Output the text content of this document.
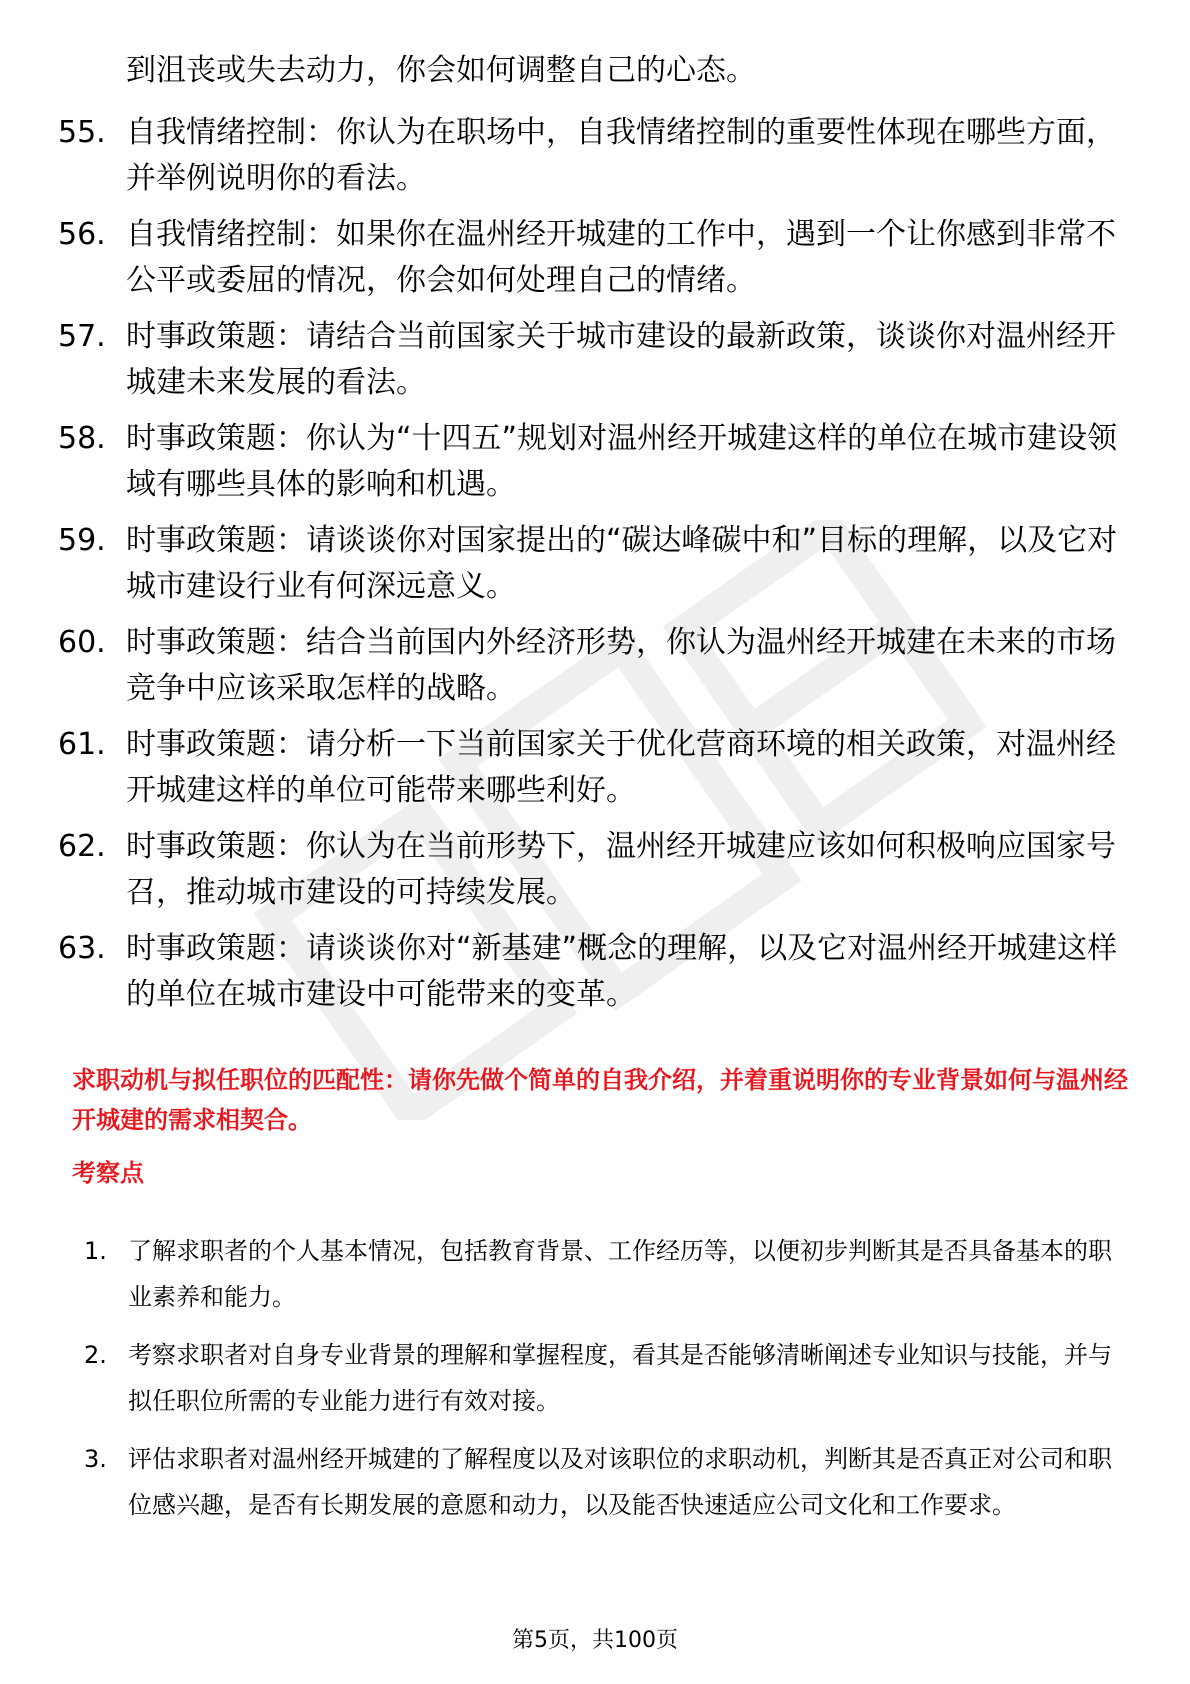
到沮丧或失去动力，你会如何调整自己的心态。
55. 自我情绪控制：你认为在职场中，自我情绪控制的重要性体现在哪些方面，并举例说明你的看法。
56. 自我情绪控制：如果你在温州经开城建的工作中，遇到一个让你感到非常不公平或委屈的情况，你会如何处理自己的情绪。
57. 时事政策题：请结合当前国家关于城市建设的最新政策，谈谈你对温州经开城建未来发展的看法。
58. 时事政策题：你认为“十四五”规划对温州经开城建这样的单位在城市建设领域有哪些具体的影响和机遇。
59. 时事政策题：请谈谈你对国家提出的“碳达峰碳中和”目标的理解，以及它对城市建设行业有何深远意义。
60. 时事政策题：结合当前国内外经济形势，你认为温州经开城建在未来的市场竞争中应该采取怎样的战略。
61. 时事政策题：请分析一下当前国家关于优化营商环境的相关政策，对温州经开城建这样的单位可能带来哪些利好。
62. 时事政策题：你认为在当前形势下，温州经开城建应该如何积极响应国家号召，推动城市建设的可持续发展。
63. 时事政策题：请谈谈你对“新基建”概念的理解，以及它对温州经开城建这样的单位在城市建设中可能带来的变革。
求职动机与拟任职位的匹配性：请你先做个简单的自我介绍，并着重说明你的专业背景如何与温州经开城建的需求相契合。
考察点
1. 了解求职者的个人基本情况，包括教育背景、工作经历等，以便初步判断其是否具备基本的职业素养和能力。
2. 考察求职者对自身专业背景的理解和掌握程度，看其是否能够清晰阐述专业知识与技能，并与拟任职位所需的专业能力进行有效对接。
3. 评估求职者对温州经开城建的了解程度以及对该职位的求职动机，判断其是否真正对公司和职位感兴趣，是否有长期发展的意愿和动力，以及能否快速适应公司文化和工作要求。
第5页，共100页
